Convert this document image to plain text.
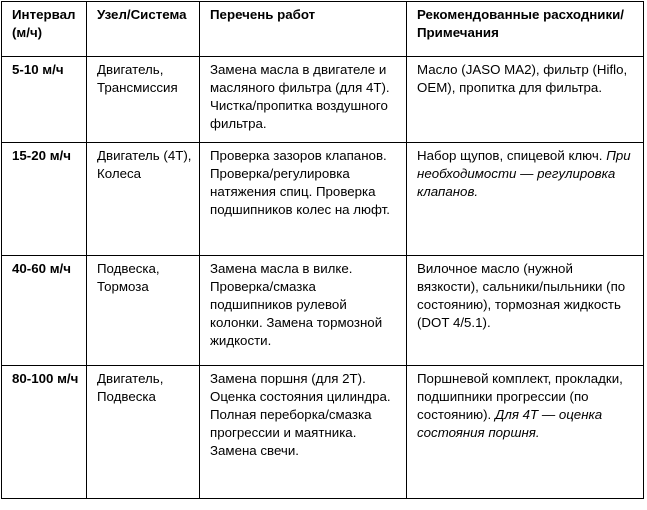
Интервал (м/ч)	Узел/Система	Перечень работ	Рекомендованные расходники/Примечания
5-10 м/ч	Двигатель, Трансмиссия	Замена масла в двигателе и масляного фильтра (для 4Т). Чистка/пропитка воздушного фильтра.	Масло (JASO MA2), фильтр (Hiflo, OEM), пропитка для фильтра.
15-20 м/ч	Двигатель (4Т), Колеса	Проверка зазоров клапанов. Проверка/регулировка натяжения спиц. Проверка подшипников колес на люфт.	Набор щупов, спицевой ключ. При необходимости — регулировка клапанов.
40-60 м/ч	Подвеска, Тормоза	Замена масла в вилке. Проверка/смазка подшипников рулевой колонки. Замена тормозной жидкости.	Вилочное масло (нужной вязкости), сальники/пыльники (по состоянию), тормозная жидкость (DOT 4/5.1).
80-100 м/ч	Двигатель, Подвеска	Замена поршня (для 2Т). Оценка состояния цилиндра. Полная переборка/смазка прогрессии и маятника. Замена свечи.	Поршневой комплект, прокладки, подшипники прогрессии (по состоянию). Для 4Т — оценка состояния поршня.
